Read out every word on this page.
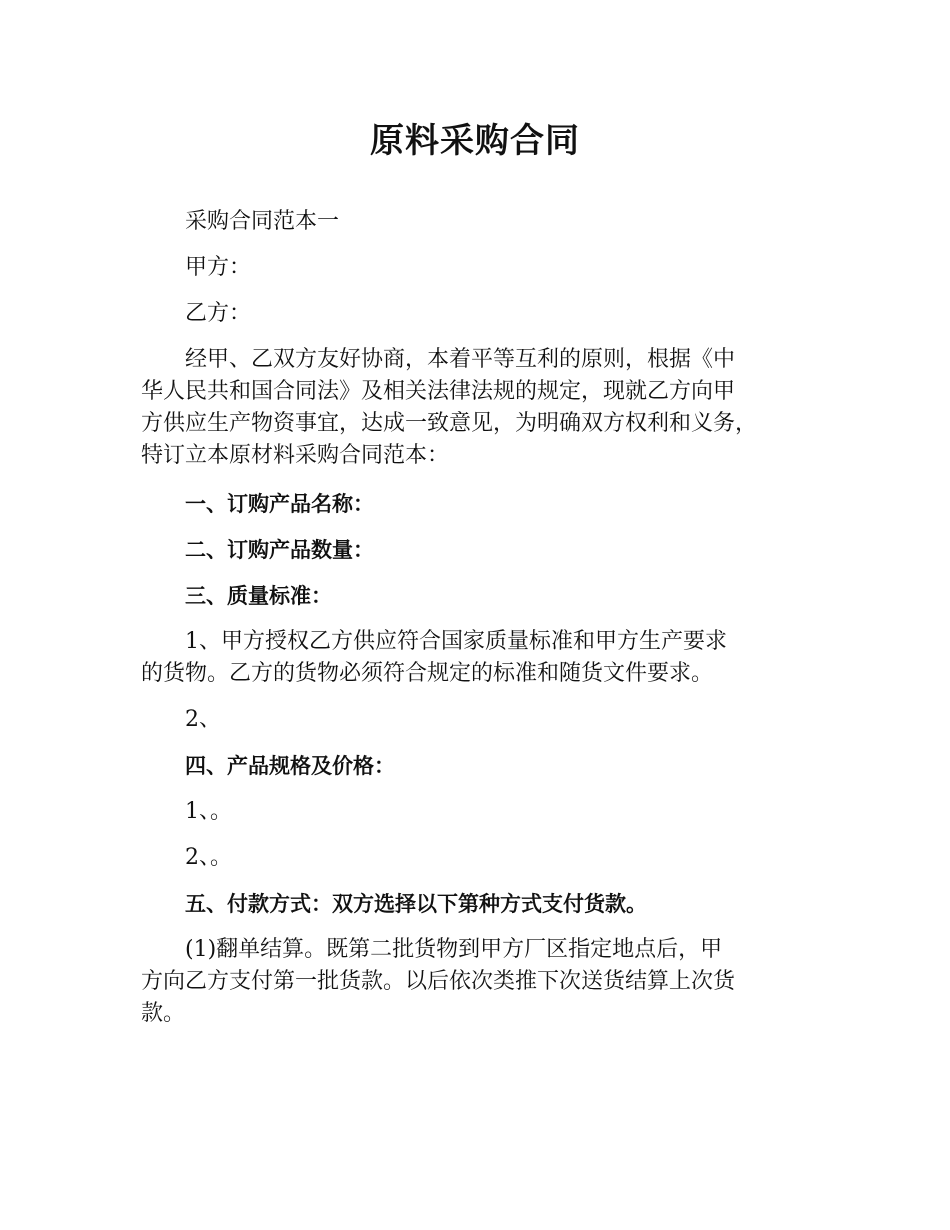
原料采购合同
采购合同范本一
甲方：
乙方：
经甲、乙双方友好协商，本着平等互利的原则，根据《中
华人民共和国合同法》及相关法律法规的规定，现就乙方向甲
方供应生产物资事宜，达成一致意见，为明确双方权利和义务，
特订立本原材料采购合同范本：
一、订购产品名称：
二、订购产品数量：
三、质量标准：
1、甲方授权乙方供应符合国家质量标准和甲方生产要求
的货物。乙方的货物必须符合规定的标准和随货文件要求。
2、
四、产品规格及价格：
1、。
2、。
五、付款方式：双方选择以下第种方式支付货款。
(1)翻单结算。既第二批货物到甲方厂区指定地点后，甲
方向乙方支付第一批货款。以后依次类推下次送货结算上次货
款。
